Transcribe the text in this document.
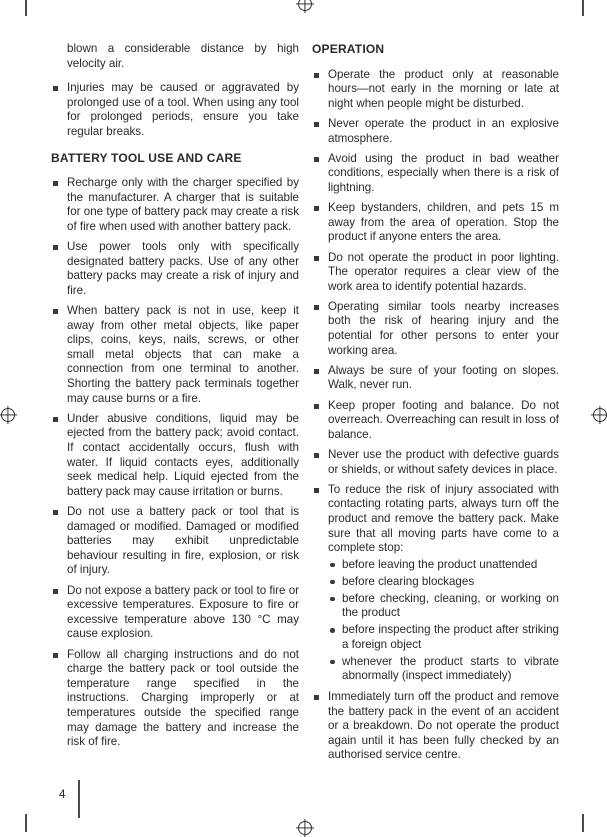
blown a considerable distance by high velocity air.

Injuries may be caused or aggravated by prolonged use of a tool. When using any tool for prolonged periods, ensure you take regular breaks.
BATTERY TOOL USE AND CARE
Recharge only with the charger specified by the manufacturer. A charger that is suitable for one type of battery pack may create a risk of fire when used with another battery pack.
Use power tools only with specifically designated battery packs. Use of any other battery packs may create a risk of injury and fire.
When battery pack is not in use, keep it away from other metal objects, like paper clips, coins, keys, nails, screws, or other small metal objects that can make a connection from one terminal to another. Shorting the battery pack terminals together may cause burns or a fire.
Under abusive conditions, liquid may be ejected from the battery pack; avoid contact. If contact accidentally occurs, flush with water. If liquid contacts eyes, additionally seek medical help. Liquid ejected from the battery pack may cause irritation or burns.
Do not use a battery pack or tool that is damaged or modified. Damaged or modified batteries may exhibit unpredictable behaviour resulting in fire, explosion, or risk of injury.
Do not expose a battery pack or tool to fire or excessive temperatures. Exposure to fire or excessive temperature above 130 °C may cause explosion.
Follow all charging instructions and do not charge the battery pack or tool outside the temperature range specified in the instructions. Charging improperly or at temperatures outside the specified range may damage the battery and increase the risk of fire.
OPERATION
Operate the product only at reasonable hours—not early in the morning or late at night when people might be disturbed.
Never operate the product in an explosive atmosphere.
Avoid using the product in bad weather conditions, especially when there is a risk of lightning.
Keep bystanders, children, and pets 15 m away from the area of operation. Stop the product if anyone enters the area.
Do not operate the product in poor lighting. The operator requires a clear view of the work area to identify potential hazards.
Operating similar tools nearby increases both the risk of hearing injury and the potential for other persons to enter your working area.
Always be sure of your footing on slopes. Walk, never run.
Keep proper footing and balance. Do not overreach. Overreaching can result in loss of balance.
Never use the product with defective guards or shields, or without safety devices in place.
To reduce the risk of injury associated with contacting rotating parts, always turn off the product and remove the battery pack. Make sure that all moving parts have come to a complete stop:
before leaving the product unattended
before clearing blockages
before checking, cleaning, or working on the product
before inspecting the product after striking a foreign object
whenever the product starts to vibrate abnormally (inspect immediately)
Immediately turn off the product and remove the battery pack in the event of an accident or a breakdown. Do not operate the product again until it has been fully checked by an authorised service centre.
4
